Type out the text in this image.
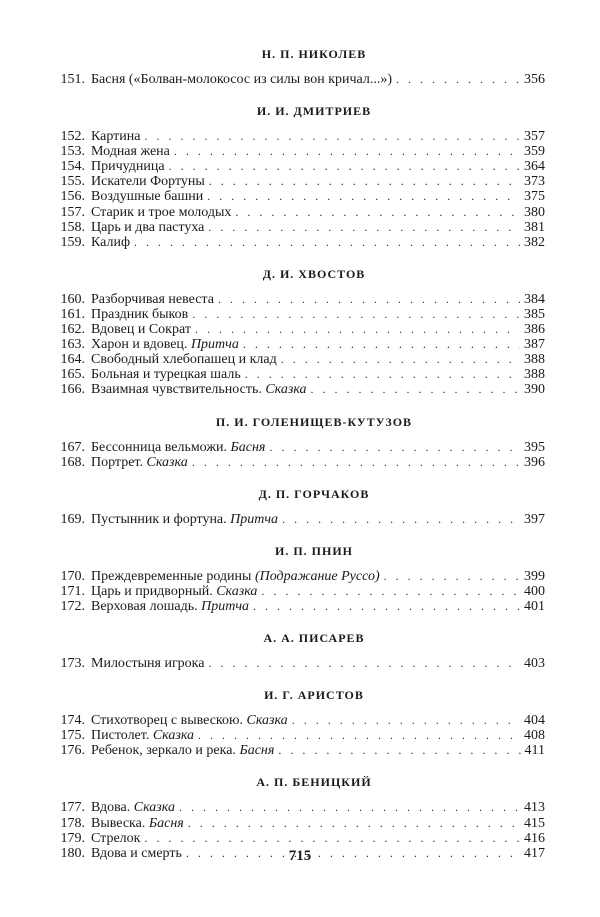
Н. П. НИКОЛЕВ
151. Басня («Болван-молокосос из силы вон кричал...») . . .	356
И. И. ДМИТРИЕВ
152. Картина . . .	357
153. Модная жена . . .	359
154. Причудница . . .	364
155. Искатели Фортуны . . .	373
156. Воздушные башни . . .	375
157. Старик и трое молодых . . .	380
158. Царь и два пастуха . . .	381
159. Калиф . . .	382
Д. И. ХВОСТОВ
160. Разборчивая невеста . . .	384
161. Праздник быков . . .	385
162. Вдовец и Сократ . . .	386
163. Харон и вдовец. Притча . . .	387
164. Свободный хлебопашец и клад . . .	388
165. Больная и турецкая шаль . . .	388
166. Взаимная чувствительность. Сказка . . .	390
П. И. ГОЛЕНИЩЕВ-КУТУЗОВ
167. Бессонница вельможи. Басня . . .	395
168. Портрет. Сказка . . .	396
Д. П. ГОРЧАКОВ
169. Пустынник и фортуна. Притча . . .	397
И. П. ПНИН
170. Преждевременные родины (Подражание Руссо) . . .	399
171. Царь и придворный. Сказка . . .	400
172. Верховая лошадь. Притча . . .	401
А. А. ПИСАРЕВ
173. Милостыня игрока . . .	403
И. Г. АРИСТОВ
174. Стихотворец с вывескою. Сказка . . .	404
175. Пистолет. Сказка . . .	408
176. Ребенок, зеркало и река. Басня . . .	411
А. П. БЕНИЦКИЙ
177. Вдова. Сказка . . .	413
178. Вывеска. Басня . . .	415
179. Стрелок . . .	416
180. Вдова и смерть . . .	417
715
